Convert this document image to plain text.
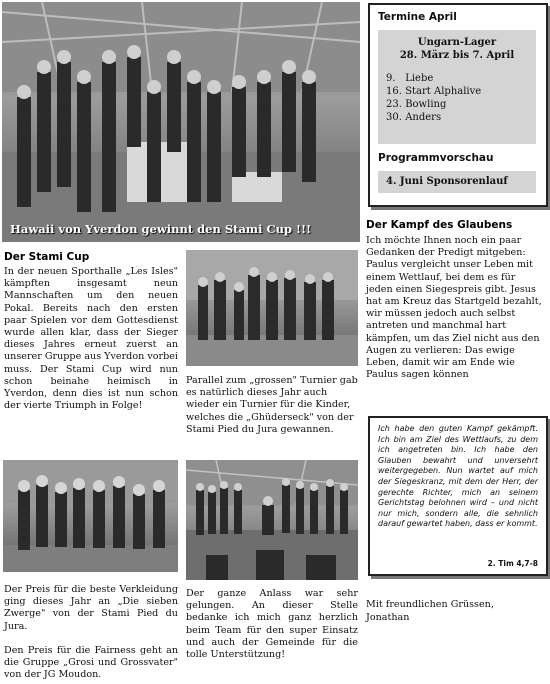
Hawaii von Yverdon gewinnt den Stami Cup !!!
Termine April
Ungarn-Lager
28. März bis 7. April
9. Liebe
16. Start Alphalive
23. Bowling
30. Anders
Programmvorschau
4. Juni Sponsorenlauf
Der Stami Cup
In der neuen Sporthalle „Les Isles" kämpften insgesamt neun Mannschaften um den neuen Pokal. Bereits nach den ersten paar Spielen vor dem Gottesdienst wurde allen klar, dass der Sieger dieses Jahres erneut zuerst an unserer Gruppe aus Yverdon vorbei muss. Der Stami Cup wird nun schon beinahe heimisch in Yverdon, denn dies ist nun schon der vierte Triumph in Folge!
Parallel zum „grossen" Turnier gab es natürlich dieses Jahr auch wieder ein Turnier für die Kinder, welches die „Ghüderseck" von der Stami Pied du Jura gewannen.
Der Preis für die beste Verkleidung ging dieses Jahr an „Die sieben Zwerge" von der Stami Pied du Jura.
Den Preis für die Fairness geht an die Gruppe „Grosi und Grossvater" von der JG Moudon.
Der ganze Anlass war sehr gelungen. An dieser Stelle bedanke ich mich ganz herzlich beim Team für den super Einsatz und auch der Gemeinde für die tolle Unterstützung!
Der Kampf des Glaubens
Ich möchte Ihnen noch ein paar Gedanken der Predigt mitgeben: Paulus vergleicht unser Leben mit einem Wettlauf, bei dem es für jeden einen Siegespreis gibt. Jesus hat am Kreuz das Startgeld bezahlt, wir müssen jedoch auch selbst antreten und manchmal hart kämpfen, um das Ziel nicht aus den Augen zu verlieren: Das ewige Leben, damit wir am Ende wie Paulus sagen können
Ich habe den guten Kampf gekämpft. Ich bin am Ziel des Wettlaufs, zu dem ich angetreten bin. Ich habe den Glauben bewahrt und unversehrt weitergegeben. Nun wartet auf mich der Siegeskranz, mit dem der Herr, der gerechte Richter, mich an seinem Gerichtstag belohnen wird – und nicht nur mich, sondern alle, die sehnlich darauf gewartet haben, dass er kommt.
2. Tim 4,7-8
Mit freundlichen Grüssen,
Jonathan
